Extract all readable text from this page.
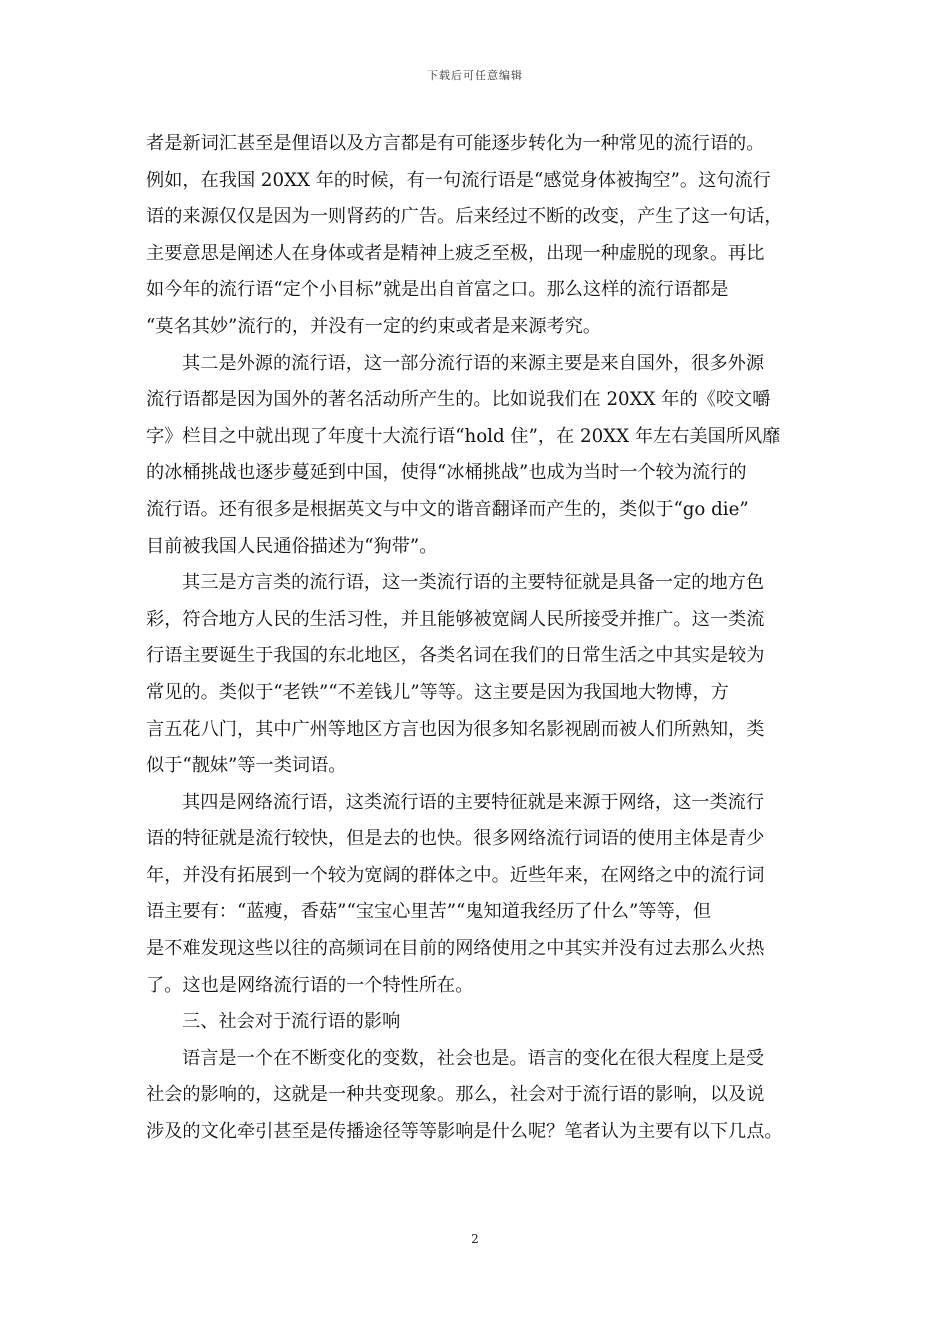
下载后可任意编辑
者是新词汇甚至是俚语以及方言都是有可能逐步转化为一种常见的流行语的。
例如，在我国 20XX 年的时候，有一句流行语是“感觉身体被掏空”。这句流行
语的来源仅仅是因为一则肾药的广告。后来经过不断的改变，产生了这一句话，
主要意思是阐述人在身体或者是精神上疲乏至极，出现一种虚脱的现象。再比
如今年的流行语“定个小目标”就是出自首富之口。那么这样的流行语都是
“莫名其妙”流行的，并没有一定的约束或者是来源考究。
其二是外源的流行语，这一部分流行语的来源主要是来自国外，很多外源
流行语都是因为国外的著名活动所产生的。比如说我们在 20XX 年的《咬文嚼
字》栏目之中就出现了年度十大流行语“hold 住”，在 20XX 年左右美国所风靡
的冰桶挑战也逐步蔓延到中国，使得“冰桶挑战”也成为当时一个较为流行的
流行语。还有很多是根据英文与中文的谐音翻译而产生的，类似于“go die”
目前被我国人民通俗描述为“狗带”。
其三是方言类的流行语，这一类流行语的主要特征就是具备一定的地方色
彩，符合地方人民的生活习性，并且能够被宽阔人民所接受并推广。这一类流
行语主要诞生于我国的东北地区，各类名词在我们的日常生活之中其实是较为
常见的。类似于“老铁”“不差钱儿”等等。这主要是因为我国地大物博，方
言五花八门，其中广州等地区方言也因为很多知名影视剧而被人们所熟知，类
似于“靓妹”等一类词语。
其四是网络流行语，这类流行语的主要特征就是来源于网络，这一类流行
语的特征就是流行较快，但是去的也快。很多网络流行词语的使用主体是青少
年，并没有拓展到一个较为宽阔的群体之中。近些年来，在网络之中的流行词
语主要有：“蓝瘦，香菇”“宝宝心里苦”“鬼知道我经历了什么”等等，但
是不难发现这些以往的高频词在目前的网络使用之中其实并没有过去那么火热
了。这也是网络流行语的一个特性所在。
三、社会对于流行语的影响
语言是一个在不断变化的变数，社会也是。语言的变化在很大程度上是受
社会的影响的，这就是一种共变现象。那么，社会对于流行语的影响，以及说
涉及的文化牵引甚至是传播途径等等影响是什么呢？笔者认为主要有以下几点。
2
